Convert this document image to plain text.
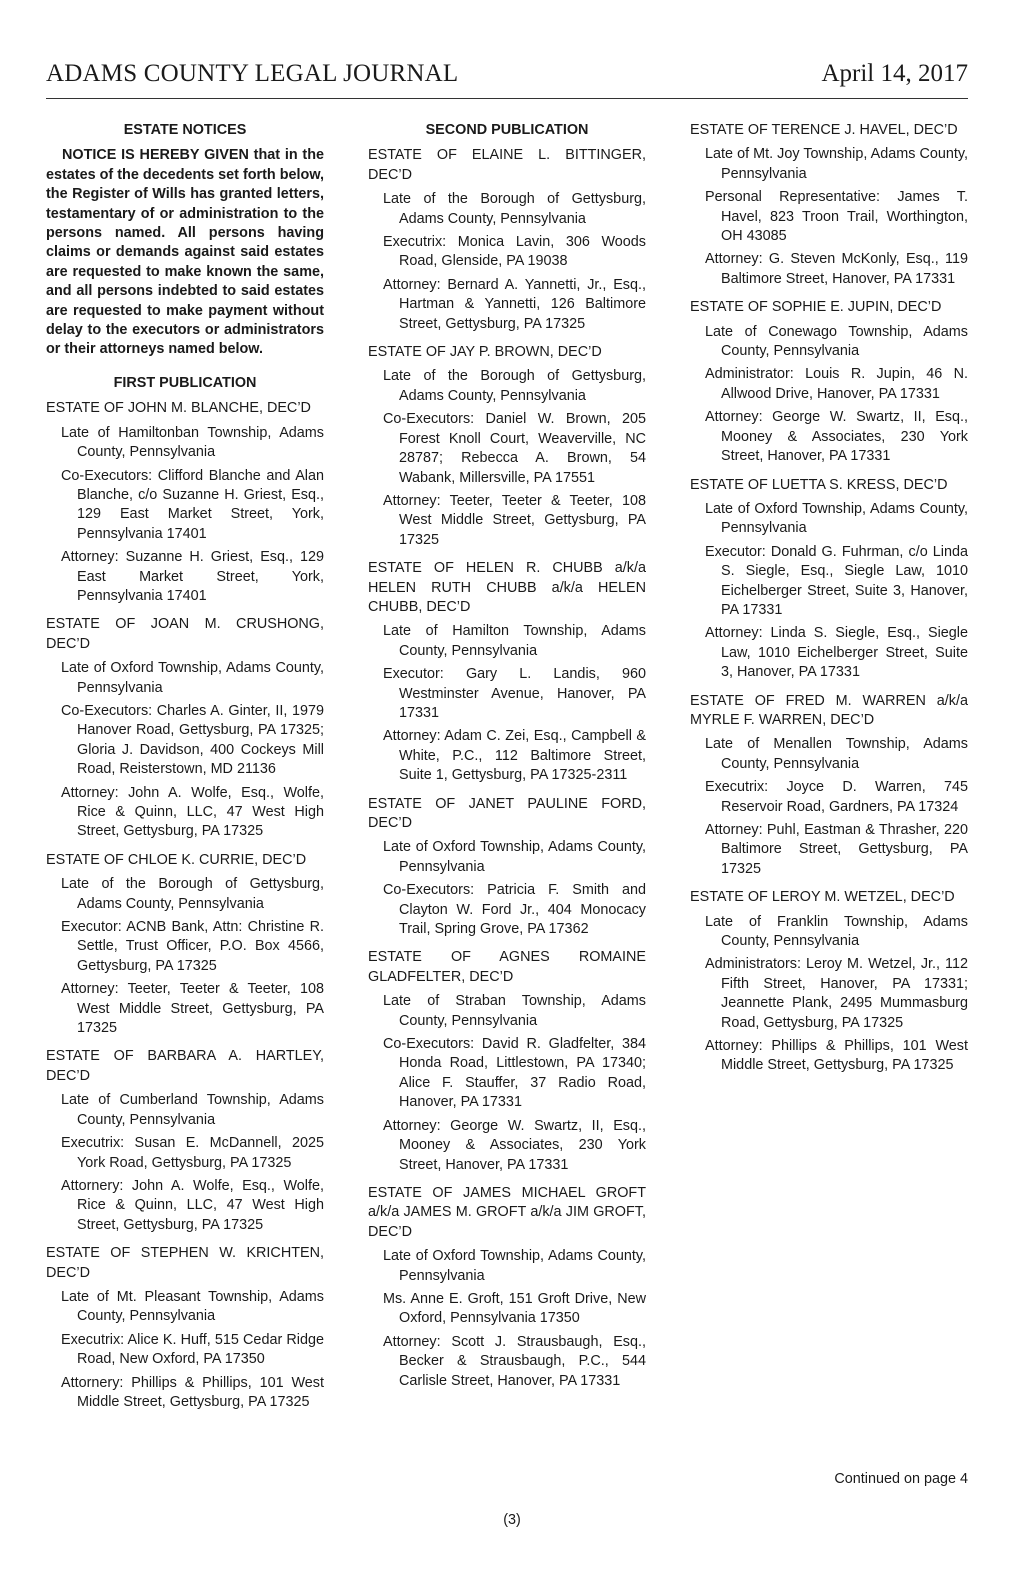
ADAMS COUNTY LEGAL JOURNAL	April 14, 2017
ESTATE NOTICES
NOTICE IS HEREBY GIVEN that in the estates of the decedents set forth below, the Register of Wills has granted letters, testamentary of or administration to the persons named. All persons having claims or demands against said estates are requested to make known the same, and all persons indebted to said estates are requested to make payment without delay to the executors or administrators or their attorneys named below.
FIRST PUBLICATION
ESTATE OF JOHN M. BLANCHE, DEC’D
Late of Hamiltonban Township, Adams County, Pennsylvania
Co-Executors: Clifford Blanche and Alan Blanche, c/o Suzanne H. Griest, Esq., 129 East Market Street, York, Pennsylvania 17401
Attorney: Suzanne H. Griest, Esq., 129 East Market Street, York, Pennsylvania 17401
ESTATE OF JOAN M. CRUSHONG, DEC’D
Late of Oxford Township, Adams County, Pennsylvania
Co-Executors: Charles A. Ginter, II, 1979 Hanover Road, Gettysburg, PA 17325; Gloria J. Davidson, 400 Cockeys Mill Road, Reisterstown, MD 21136
Attorney: John A. Wolfe, Esq., Wolfe, Rice & Quinn, LLC, 47 West High Street, Gettysburg, PA 17325
ESTATE OF CHLOE K. CURRIE, DEC’D
Late of the Borough of Gettysburg, Adams County, Pennsylvania
Executor: ACNB Bank, Attn: Christine R. Settle, Trust Officer, P.O. Box 4566, Gettysburg, PA 17325
Attorney: Teeter, Teeter & Teeter, 108 West Middle Street, Gettysburg, PA 17325
ESTATE OF BARBARA A. HARTLEY, DEC’D
Late of Cumberland Township, Adams County, Pennsylvania
Executrix: Susan E. McDannell, 2025 York Road, Gettysburg, PA 17325
Attornery: John A. Wolfe, Esq., Wolfe, Rice & Quinn, LLC, 47 West High Street, Gettysburg, PA 17325
ESTATE OF STEPHEN W. KRICHTEN, DEC’D
Late of Mt. Pleasant Township, Adams County, Pennsylvania
Executrix: Alice K. Huff, 515 Cedar Ridge Road, New Oxford, PA 17350
Attornery: Phillips & Phillips, 101 West Middle Street, Gettysburg, PA 17325
SECOND PUBLICATION
ESTATE OF ELAINE L. BITTINGER, DEC’D
Late of the Borough of Gettysburg, Adams County, Pennsylvania
Executrix: Monica Lavin, 306 Woods Road, Glenside, PA 19038
Attorney: Bernard A. Yannetti, Jr., Esq., Hartman & Yannetti, 126 Baltimore Street, Gettysburg, PA 17325
ESTATE OF JAY P. BROWN, DEC’D
Late of the Borough of Gettysburg, Adams County, Pennsylvania
Co-Executors: Daniel W. Brown, 205 Forest Knoll Court, Weaverville, NC 28787; Rebecca A. Brown, 54 Wabank, Millersville, PA 17551
Attorney: Teeter, Teeter & Teeter, 108 West Middle Street, Gettysburg, PA 17325
ESTATE OF HELEN R. CHUBB a/k/a HELEN RUTH CHUBB a/k/a HELEN CHUBB, DEC’D
Late of Hamilton Township, Adams County, Pennsylvania
Executor: Gary L. Landis, 960 Westminster Avenue, Hanover, PA 17331
Attorney: Adam C. Zei, Esq., Campbell & White, P.C., 112 Baltimore Street, Suite 1, Gettysburg, PA 17325-2311
ESTATE OF JANET PAULINE FORD, DEC’D
Late of Oxford Township, Adams County, Pennsylvania
Co-Executors: Patricia F. Smith and Clayton W. Ford Jr., 404 Monocacy Trail, Spring Grove, PA 17362
ESTATE OF AGNES ROMAINE GLADFELTER, DEC’D
Late of Straban Township, Adams County, Pennsylvania
Co-Executors: David R. Gladfelter, 384 Honda Road, Littlestown, PA 17340; Alice F. Stauffer, 37 Radio Road, Hanover, PA 17331
Attorney: George W. Swartz, II, Esq., Mooney & Associates, 230 York Street, Hanover, PA 17331
ESTATE OF JAMES MICHAEL GROFT a/k/a JAMES M. GROFT a/k/a JIM GROFT, DEC’D
Late of Oxford Township, Adams County, Pennsylvania
Ms. Anne E. Groft, 151 Groft Drive, New Oxford, Pennsylvania 17350
Attorney: Scott J. Strausbaugh, Esq., Becker & Strausbaugh, P.C., 544 Carlisle Street, Hanover, PA 17331
ESTATE OF TERENCE J. HAVEL, DEC’D
Late of Mt. Joy Township, Adams County, Pennsylvania
Personal Representative: James T. Havel, 823 Troon Trail, Worthington, OH 43085
Attorney: G. Steven McKonly, Esq., 119 Baltimore Street, Hanover, PA 17331
ESTATE OF SOPHIE E. JUPIN, DEC’D
Late of Conewago Township, Adams County, Pennsylvania
Administrator: Louis R. Jupin, 46 N. Allwood Drive, Hanover, PA 17331
Attorney: George W. Swartz, II, Esq., Mooney & Associates, 230 York Street, Hanover, PA 17331
ESTATE OF LUETTA S. KRESS, DEC’D
Late of Oxford Township, Adams County, Pennsylvania
Executor: Donald G. Fuhrman, c/o Linda S. Siegle, Esq., Siegle Law, 1010 Eichelberger Street, Suite 3, Hanover, PA 17331
Attorney: Linda S. Siegle, Esq., Siegle Law, 1010 Eichelberger Street, Suite 3, Hanover, PA 17331
ESTATE OF FRED M. WARREN a/k/a MYRLE F. WARREN, DEC’D
Late of Menallen Township, Adams County, Pennsylvania
Executrix: Joyce D. Warren, 745 Reservoir Road, Gardners, PA 17324
Attorney: Puhl, Eastman & Thrasher, 220 Baltimore Street, Gettysburg, PA 17325
ESTATE OF LEROY M. WETZEL, DEC’D
Late of Franklin Township, Adams County, Pennsylvania
Administrators: Leroy M. Wetzel, Jr., 112 Fifth Street, Hanover, PA 17331; Jeannette Plank, 2495 Mummasburg Road, Gettysburg, PA 17325
Attorney: Phillips & Phillips, 101 West Middle Street, Gettysburg, PA 17325
Continued on page 4
(3)
